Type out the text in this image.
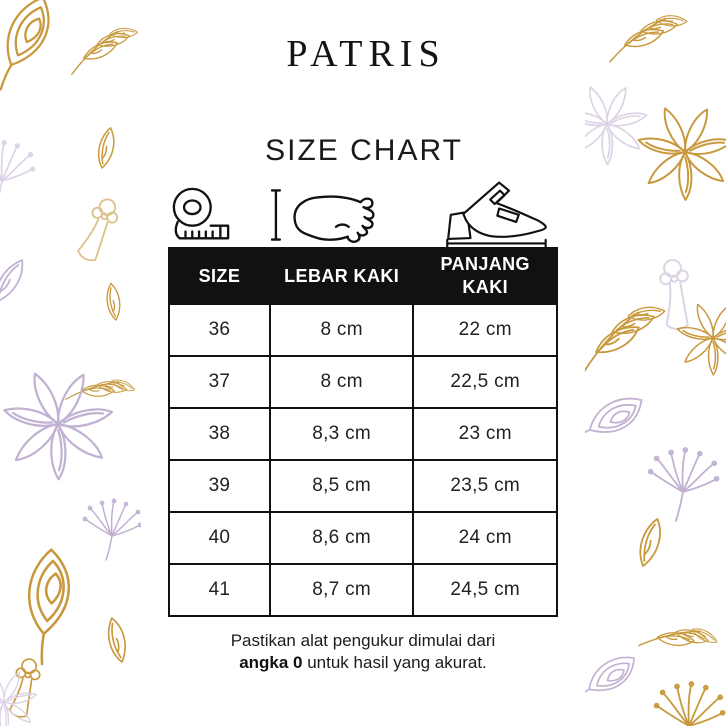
PATRIS
SIZE CHART
SIZE	LEBAR KAKI	PANJANG KAKI
36	8 cm	22 cm
37	8 cm	22,5 cm
38	8,3 cm	23 cm
39	8,5 cm	23,5 cm
40	8,6 cm	24 cm
41	8,7 cm	24,5 cm

Pastikan alat pengukur dimulai dari
angka 0 untuk hasil yang akurat.
